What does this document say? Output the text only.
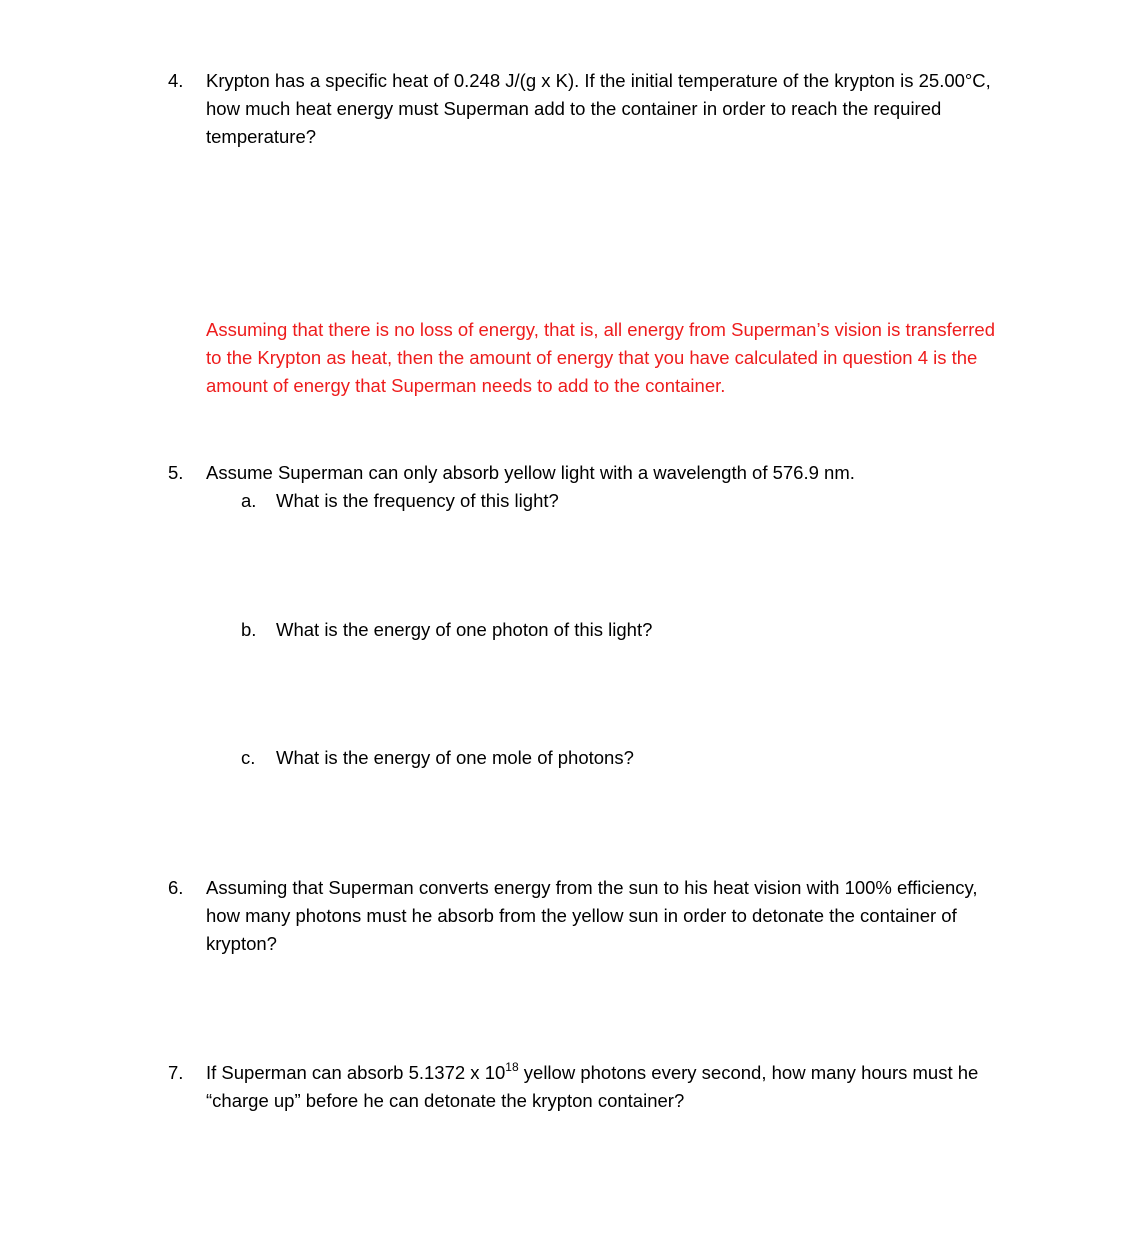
4. Krypton has a specific heat of 0.248 J/(g x K). If the initial temperature of the krypton is 25.00°C,
how much heat energy must Superman add to the container in order to reach the required
temperature?
Assuming that there is no loss of energy, that is, all energy from Superman’s vision is transferred
to the Krypton as heat, then the amount of energy that you have calculated in question 4 is the
amount of energy that Superman needs to add to the container.
5. Assume Superman can only absorb yellow light with a wavelength of 576.9 nm.
a. What is the frequency of this light?
b. What is the energy of one photon of this light?
c. What is the energy of one mole of photons?
6. Assuming that Superman converts energy from the sun to his heat vision with 100% efficiency,
how many photons must he absorb from the yellow sun in order to detonate the container of
krypton?
7. If Superman can absorb 5.1372 x $10^{18}$ yellow photons every second, how many hours must he
“charge up” before he can detonate the krypton container?
